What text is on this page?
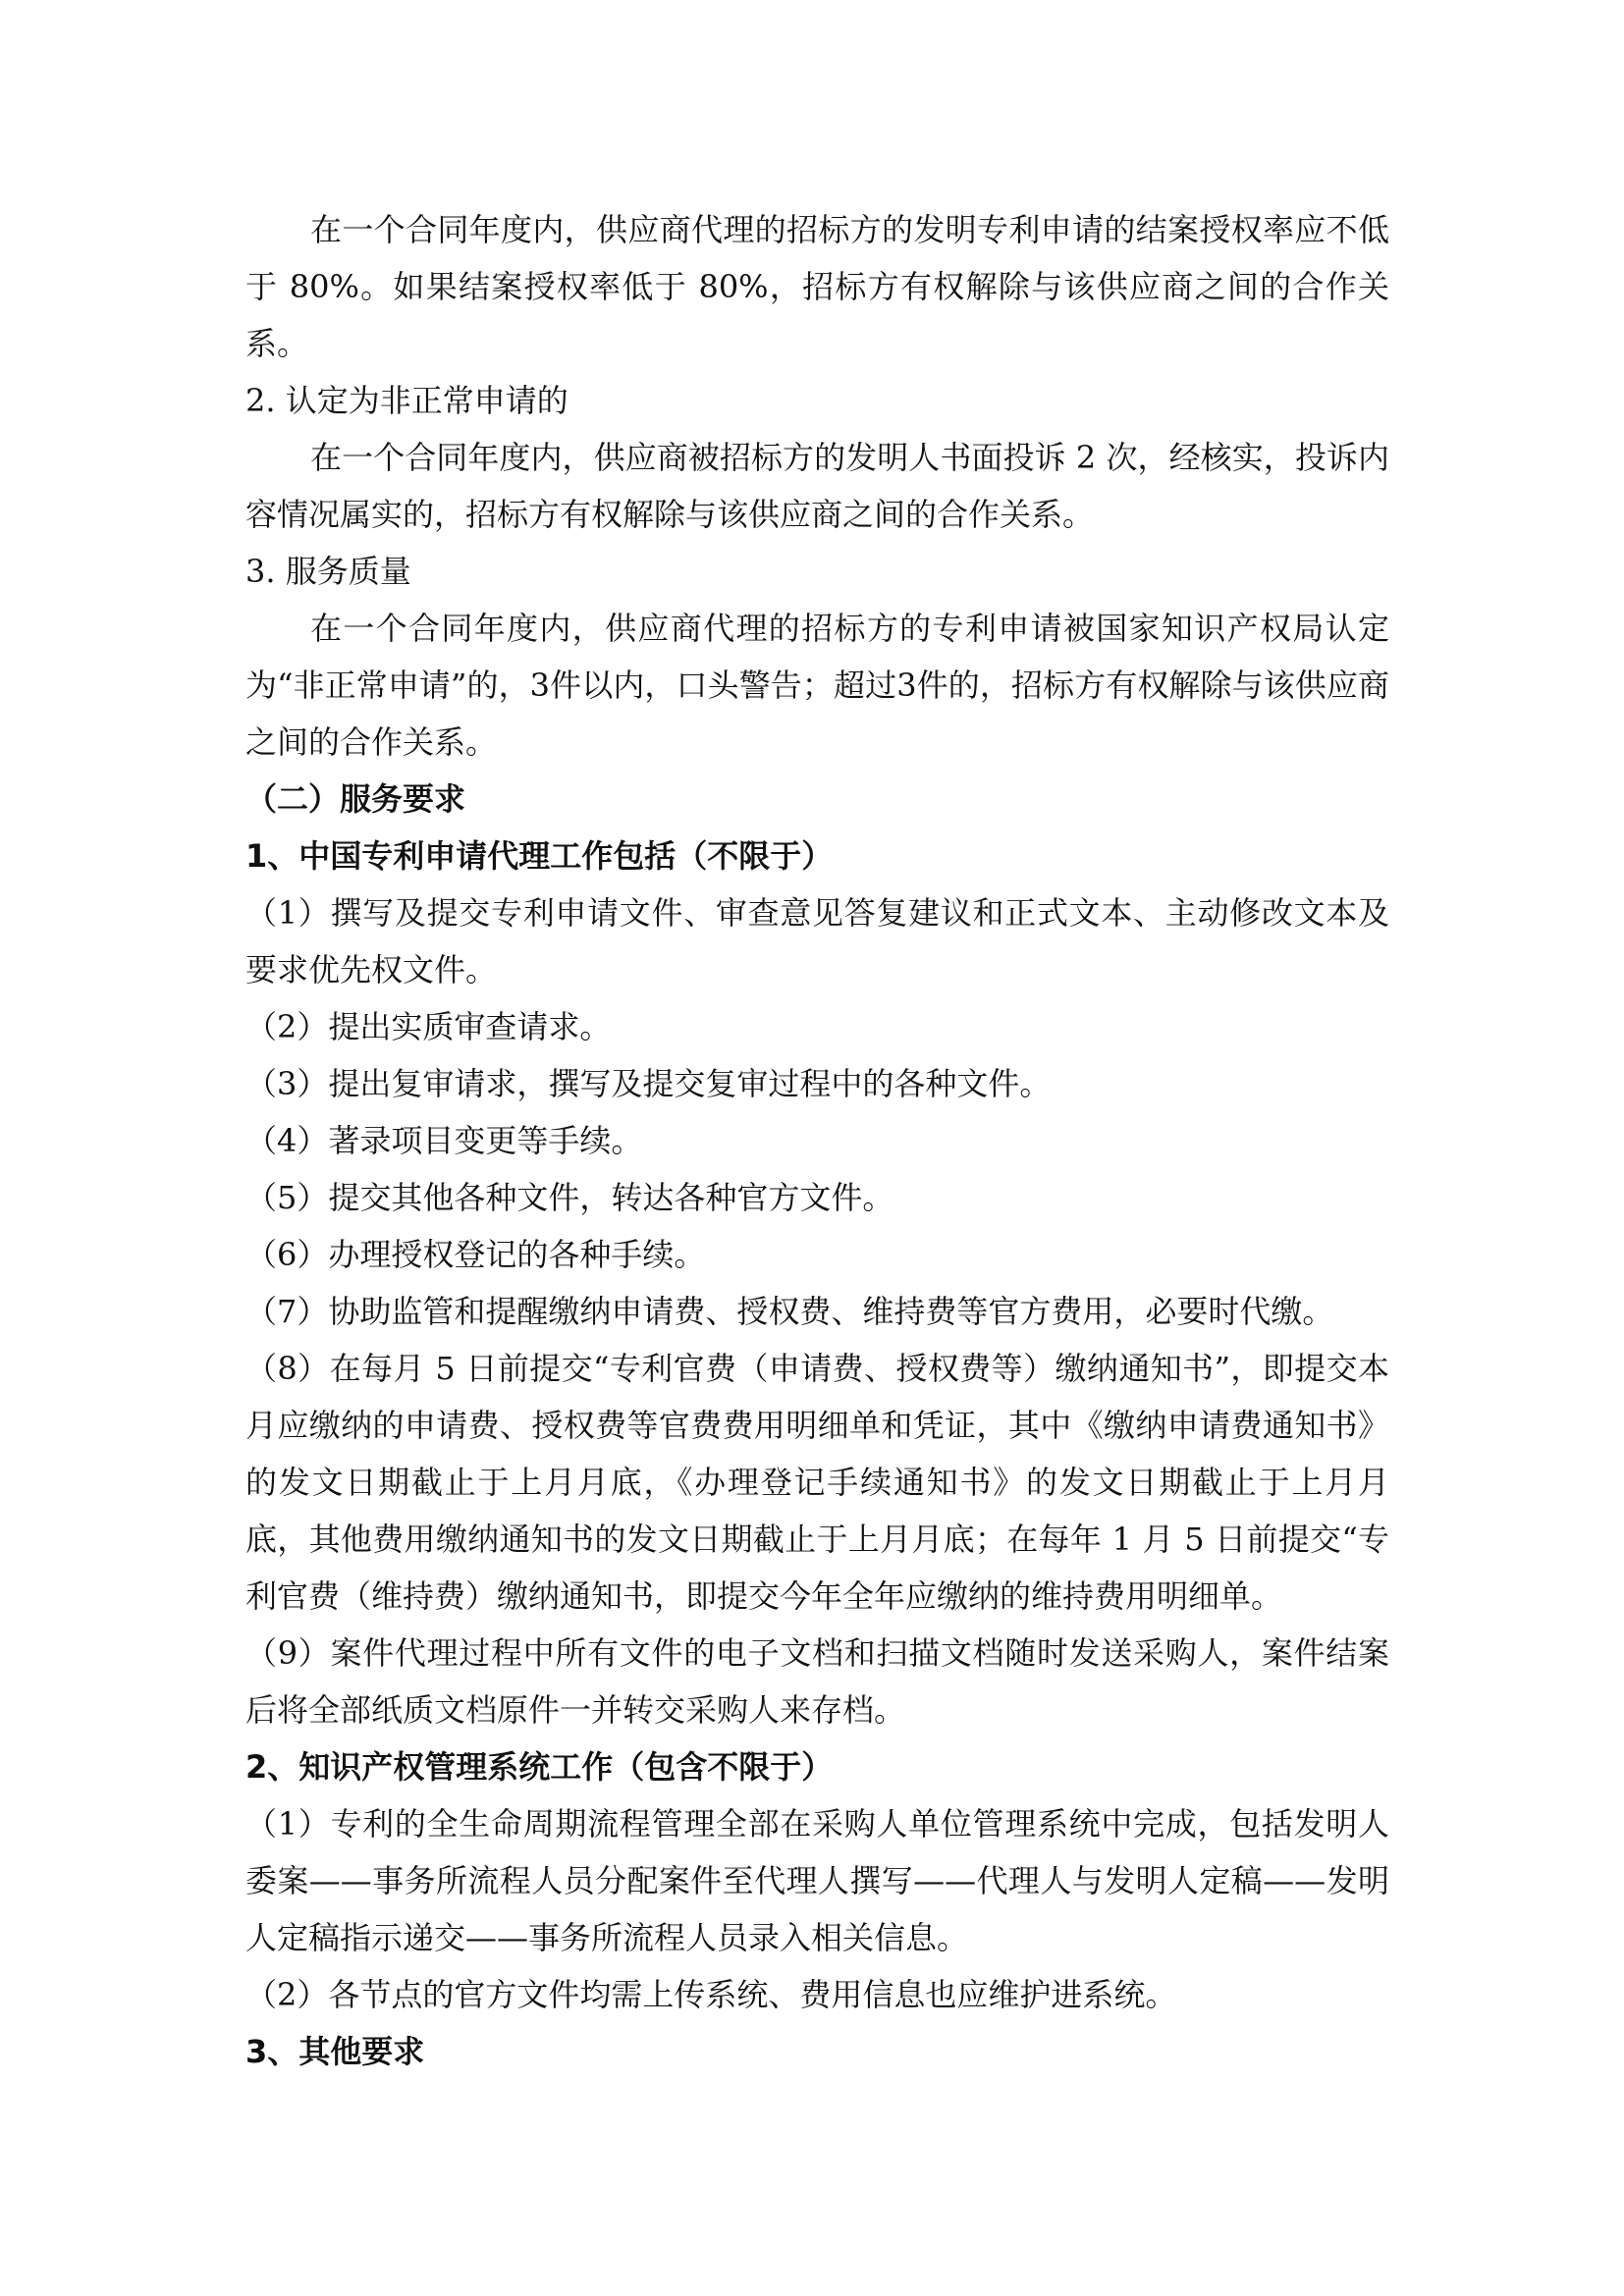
在一个合同年度内，供应商代理的招标方的发明专利申请的结案授权率应不低于 80%。如果结案授权率低于 80%，招标方有权解除与该供应商之间的合作关系。

2. 认定为非正常申请的

在一个合同年度内，供应商被招标方的发明人书面投诉 2 次，经核实，投诉内容情况属实的，招标方有权解除与该供应商之间的合作关系。

3. 服务质量

在一个合同年度内，供应商代理的招标方的专利申请被国家知识产权局认定为“非正常申请”的，3件以内，口头警告；超过3件的，招标方有权解除与该供应商之间的合作关系。

（二）服务要求

1、中国专利申请代理工作包括（不限于）

（1）撰写及提交专利申请文件、审查意见答复建议和正式文本、主动修改文本及要求优先权文件。

（2）提出实质审查请求。

（3）提出复审请求，撰写及提交复审过程中的各种文件。

（4）著录项目变更等手续。

（5）提交其他各种文件，转达各种官方文件。

（6）办理授权登记的各种手续。

（7）协助监管和提醒缴纳申请费、授权费、维持费等官方费用，必要时代缴。

（8）在每月 5 日前提交“专利官费（申请费、授权费等）缴纳通知书”，即提交本月应缴纳的申请费、授权费等官费费用明细单和凭证，其中《缴纳申请费通知书》的发文日期截止于上月月底，《办理登记手续通知书》的发文日期截止于上月月底，其他费用缴纳通知书的发文日期截止于上月月底；在每年 1 月 5 日前提交“专利官费（维持费）缴纳通知书，即提交今年全年应缴纳的维持费用明细单。

（9）案件代理过程中所有文件的电子文档和扫描文档随时发送采购人，案件结案后将全部纸质文档原件一并转交采购人来存档。

2、知识产权管理系统工作（包含不限于）

（1）专利的全生命周期流程管理全部在采购人单位管理系统中完成，包括发明人委案——事务所流程人员分配案件至代理人撰写——代理人与发明人定稿——发明人定稿指示递交——事务所流程人员录入相关信息。

（2）各节点的官方文件均需上传系统、费用信息也应维护进系统。

3、其他要求
